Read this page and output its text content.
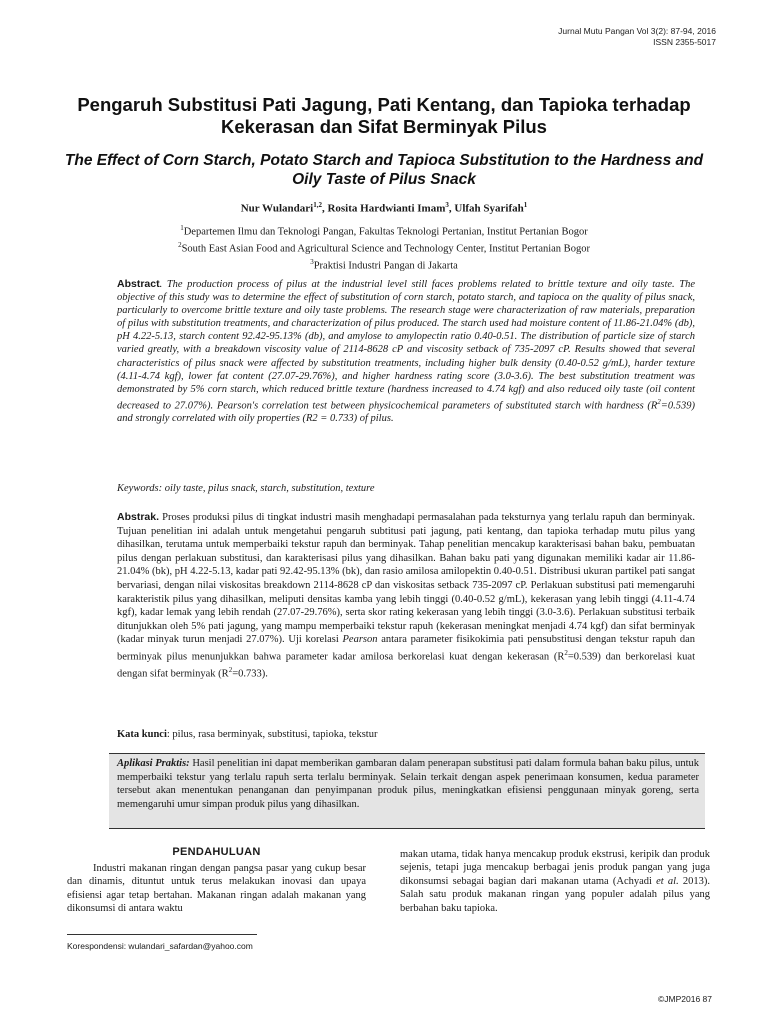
Jurnal Mutu Pangan Vol 3(2): 87-94, 2016
ISSN 2355-5017
Pengaruh Substitusi Pati Jagung, Pati Kentang, dan Tapioka terhadap Kekerasan dan Sifat Berminyak Pilus
The Effect of Corn Starch, Potato Starch and Tapioca Substitution to the Hardness and Oily Taste of Pilus Snack
Nur Wulandari$^{1,2}$, Rosita Hardwianti Imam$^3$, Ulfah Syarifah$^1$
$^1$Departemen Ilmu dan Teknologi Pangan, Fakultas Teknologi Pertanian, Institut Pertanian Bogor
$^2$South East Asian Food and Agricultural Science and Technology Center, Institut Pertanian Bogor
$^3$Praktisi Industri Pangan di Jakarta

Abstract. The production process of pilus at the industrial level still faces problems related to brittle texture and oily taste. The objective of this study was to determine the effect of substitution of corn starch, potato starch, and tapioca on the quality of pilus snack, particularly to overcome brittle texture and oily taste problems. The research stage were characterization of raw materials, preparation of pilus with substitution treatments, and characterization of pilus produced. The starch used had moisture content of 11.86-21.04% (db), pH 4.22-5.13, starch content 92.42-95.13% (db), and amylose to amylopectin ratio 0.40-0.51. The distribution of particle size of starch varied greatly, with a breakdown viscosity value of 2114-8628 cP and viscosity setback of 735-2097 cP. Results showed that several characteristics of pilus snack were affected by substitution treatments, including higher bulk density (0.40-0.52 g/mL), harder texture (4.11-4.74 kgf), lower fat content (27.07-29.76%), and higher hardness rating score (3.0-3.6). The best substitution treatment was demonstrated by 5% corn starch, which reduced brittle texture (hardness increased to 4.74 kgf) and also reduced oily taste (oil content decreased to 27.07%). Pearson's correlation test between physicochemical parameters of substituted starch with hardness $(R^2=0.539)$ and strongly correlated with oily properties (R2 = 0.733) of pilus.

Keywords: oily taste, pilus snack, starch, substitution, texture

Abstrak. Proses produksi pilus di tingkat industri masih menghadapi permasalahan pada teksturnya yang terlalu rapuh dan berminyak. Tujuan penelitian ini adalah untuk mengetahui pengaruh subtitusi pati jagung, pati kentang, dan tapioka terhadap mutu pilus yang dihasilkan, terutama untuk memperbaiki tekstur rapuh dan berminyak. Tahap penelitian mencakup karakterisasi bahan baku, pembuatan pilus dengan perlakuan substitusi, dan karakterisasi pilus yang dihasilkan. Bahan baku pati yang digunakan memiliki kadar air 11.86-21.04% (bk), pH 4.22-5.13, kadar pati 92.42-95.13% (bk), dan rasio amilosa amilopektin 0.40-0.51. Distribusi ukuran partikel pati sangat bervariasi, dengan nilai viskositas breakdown 2114-8628 cP dan viskositas setback 735-2097 cP. Perlakuan substitusi pati memengaruhi karakteristik pilus yang dihasilkan, meliputi densitas kamba yang lebih tinggi (0.40-0.52 g/mL), kekerasan yang lebih tinggi (4.11-4.74 kgf), kadar lemak yang lebih rendah (27.07-29.76%), serta skor rating kekerasan yang lebih tinggi (3.0-3.6). Perlakuan substitusi terbaik ditunjukkan oleh 5% pati jagung, yang mampu memperbaiki tekstur rapuh (kekerasan meningkat menjadi 4.74 kgf) dan sifat berminyak (kadar minyak turun menjadi 27.07%). Uji korelasi Pearson antara parameter fisikokimia pati pensubstitusi dengan tekstur rapuh dan berminyak pilus menunjukkan bahwa parameter kadar amilosa berkorelasi kuat dengan kekerasan $(R^2=0.539)$ dan berkorelasi kuat dengan sifat berminyak $(R^2=0.733)$.

Kata kunci: pilus, rasa berminyak, substitusi, tapioka, tekstur

Aplikasi Praktis: Hasil penelitian ini dapat memberikan gambaran dalam penerapan substitusi pati dalam formula bahan baku pilus, untuk memperbaiki tekstur yang terlalu rapuh serta terlalu berminyak. Selain terkait dengan aspek penerimaan konsumen, kedua parameter tersebut akan menentukan penanganan dan penyimpanan produk pilus, meningkatkan efisiensi penggunaan minyak goreng, serta memengaruhi umur simpan produk pilus yang dihasilkan.
PENDAHULUAN

Industri makanan ringan dengan pangsa pasar yang cukup besar dan dinamis, dituntut untuk terus melakukan inovasi dan upaya efisiensi agar tetap bertahan. Makanan ringan adalah makanan yang dikonsumsi di antara waktu

makan utama, tidak hanya mencakup produk ekstrusi, keripik dan produk sejenis, tetapi juga mencakup berbagai jenis produk pangan yang juga dikonsumsi sebagai bagian dari makanan utama (Achyadi et al. 2013). Salah satu produk makanan ringan yang populer adalah pilus yang berbahan baku tapioka.

Korespondensi: wulandari_safardan@yahoo.com
©JMP2016 87
